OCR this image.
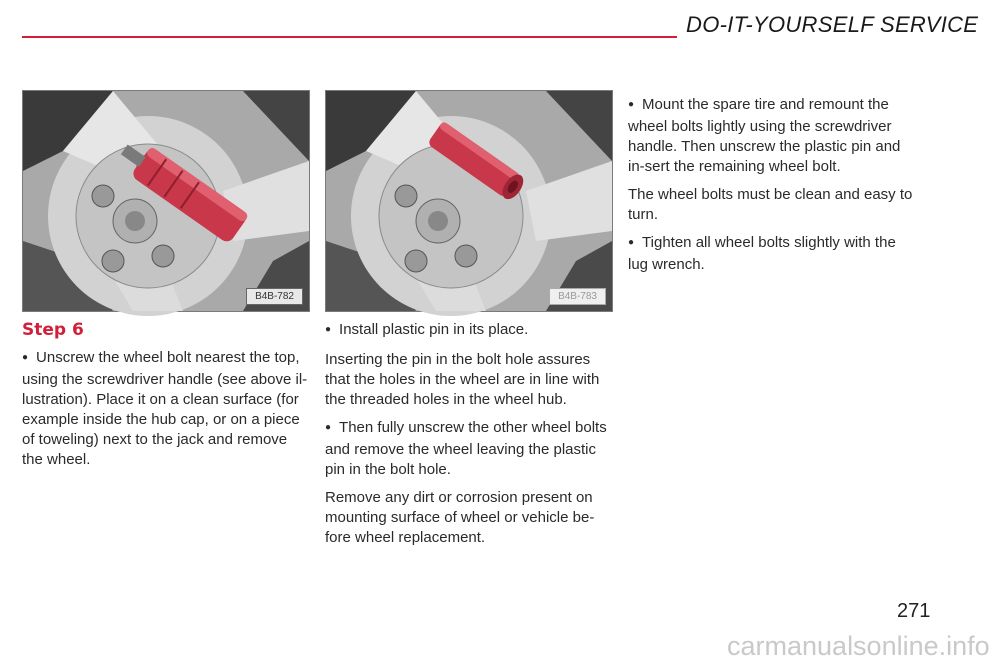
DO-IT-YOURSELF SERVICE
B4B-782	B4B-783

Step 6

● Unscrew the wheel bolt nearest the top, using the screwdriver handle (see above il-lustration). Place it on a clean surface (for example inside the hub cap, or on a piece of toweling) next to the jack and remove the wheel.

● Install plastic pin in its place.

Inserting the pin in the bolt hole assures that the holes in the wheel are in line with the threaded holes in the wheel hub.

● Then fully unscrew the other wheel bolts and remove the wheel leaving the plastic pin in the bolt hole.

Remove any dirt or corrosion present on mounting surface of wheel or vehicle be-fore wheel replacement.

● Mount the spare tire and remount the wheel bolts lightly using the screwdriver handle. Then unscrew the plastic pin and in-sert the remaining wheel bolt.

The wheel bolts must be clean and easy to turn.

● Tighten all wheel bolts slightly with the lug wrench.

271
carmanualsonline.info
